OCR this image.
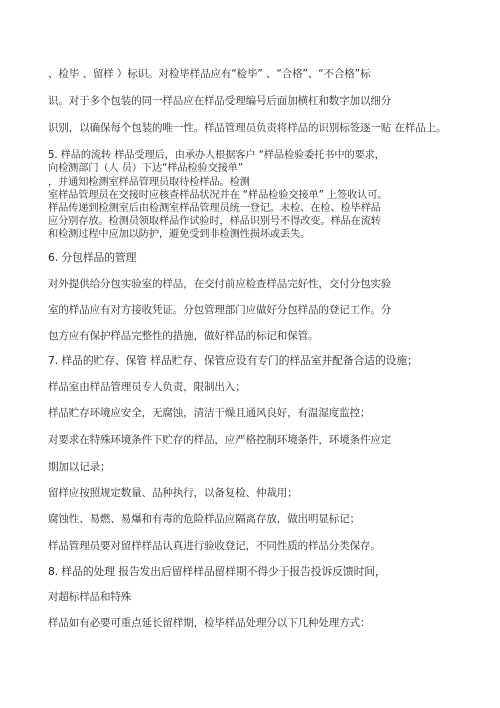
、检毕 、留样 ）标识。对检毕样品应有“检毕” 、“合格”、“不合格”标
识。对于多个包装的同一样品应在样品受理编号后面加横杠和数字加以细分
识别，以确保每个包装的唯一性。样品管理员负责将样品的识别标签逐一贴 在样品上。
5. 样品的流转 样品受理后，由承办人根据客户 “样品检验委托书中的要求，
向检测部门（人 员）下达“样品检验交接单”
，并通知检测室样品管理员取待检样品。检测
室样品管理员在交接时应核查样品状况并在 “样品检验交接单” 上签收认可。
样品传递到检测室后由检测室样品管理员统一登记。未检、在检、检毕样品
应分别存放。检测员领取样品作试验时，样品识别号不得改变。样品在流转
和检测过程中应加以防护，避免受到非检测性损坏或丢失。
6. 分包样品的管理
对外提供给分包实验室的样品，在交付前应检查样品完好性，交付分包实验
室的样品应有对方接收凭证。分包管理部门应做好分包样品的登记工作。分
包方应有保护样品完整性的措施，做好样品的标记和保管。
7. 样品的贮存、保管 样品贮存、保管应设有专门的样品室并配备合适的设施；
样品室由样品管理员专人负责，限制出入；
样品贮存环境应安全，无腐蚀，清洁干燥且通风良好，有温湿度监控；
对要求在特殊环境条件下贮存的样品，应严格控制环境条件，环境条件应定
期加以记录；
留样应按照规定数量、品种执行，以备复检、仲裁用；
腐蚀性、易燃、易爆和有毒的危险样品应隔离存放，做出明显标记；
样品管理员要对留样样品认真进行验收登记，不同性质的样品分类保存。
8. 样品的处理 报告发出后留样样品留样期不得少于报告投诉反馈时间，
对超标样品和特殊
样品如有必要可重点延长留样期，检毕样品处理分以下几种处理方式：
